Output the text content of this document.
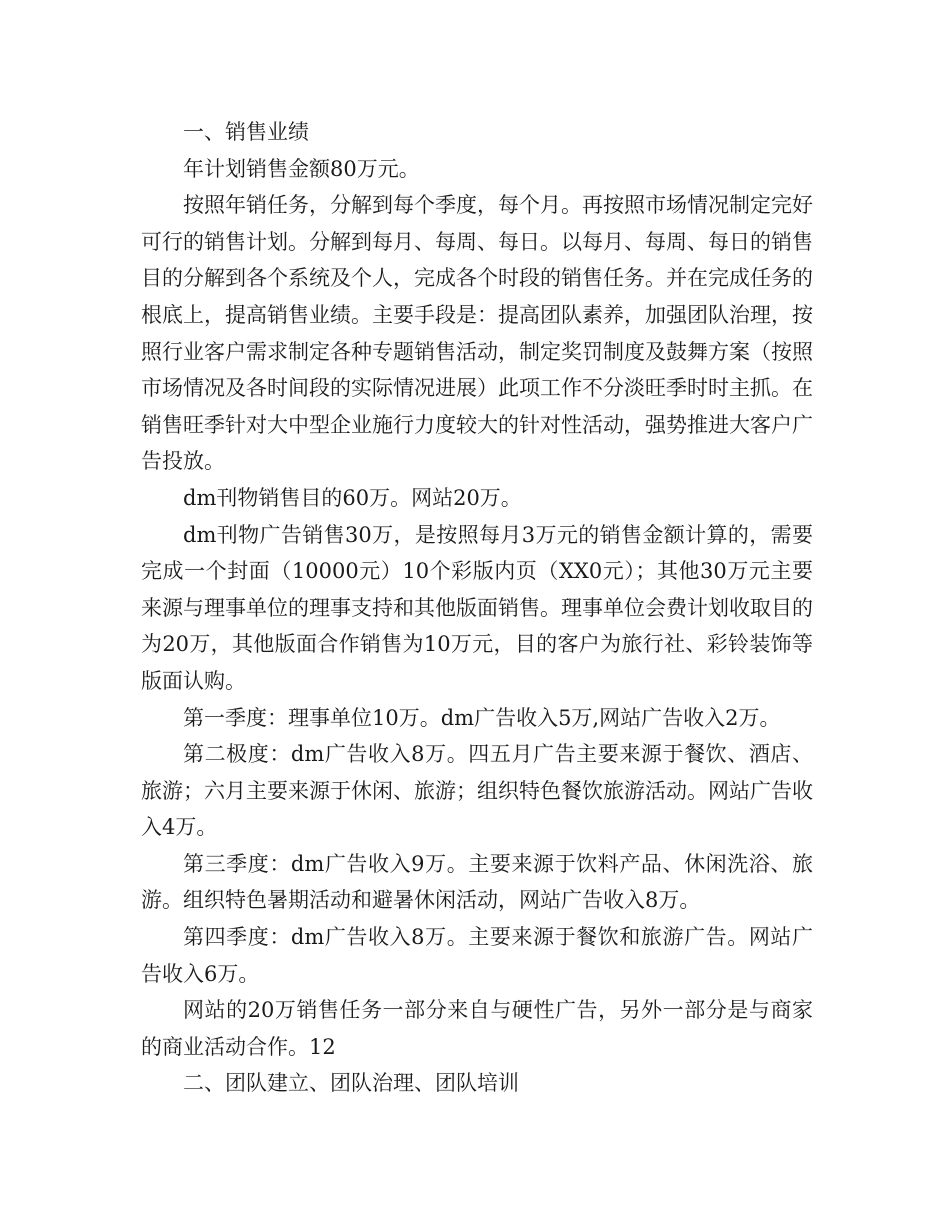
一、销售业绩

年计划销售金额80万元。

按照年销任务，分解到每个季度，每个月。再按照市场情况制定完好可行的销售计划。分解到每月、每周、每日。以每月、每周、每日的销售目的分解到各个系统及个人，完成各个时段的销售任务。并在完成任务的根底上，提高销售业绩。主要手段是：提高团队素养，加强团队治理，按照行业客户需求制定各种专题销售活动，制定奖罚制度及鼓舞方案（按照市场情况及各时间段的实际情况进展）此项工作不分淡旺季时时主抓。在销售旺季针对大中型企业施行力度较大的针对性活动，强势推进大客户广告投放。

dm刊物销售目的60万。网站20万。

dm刊物广告销售30万，是按照每月3万元的销售金额计算的，需要完成一个封面（10000元）10个彩版内页（XX0元）；其他30万元主要来源与理事单位的理事支持和其他版面销售。理事单位会费计划收取目的为20万，其他版面合作销售为10万元，目的客户为旅行社、彩铃装饰等版面认购。

第一季度：理事单位10万。dm广告收入5万,网站广告收入2万。

第二极度：dm广告收入8万。四五月广告主要来源于餐饮、酒店、旅游；六月主要来源于休闲、旅游；组织特色餐饮旅游活动。网站广告收入4万。

第三季度：dm广告收入9万。主要来源于饮料产品、休闲洗浴、旅游。组织特色暑期活动和避暑休闲活动，网站广告收入8万。

第四季度：dm广告收入8万。主要来源于餐饮和旅游广告。网站广告收入6万。

网站的20万销售任务一部分来自与硬性广告，另外一部分是与商家的商业活动合作。12

二、团队建立、团队治理、团队培训
